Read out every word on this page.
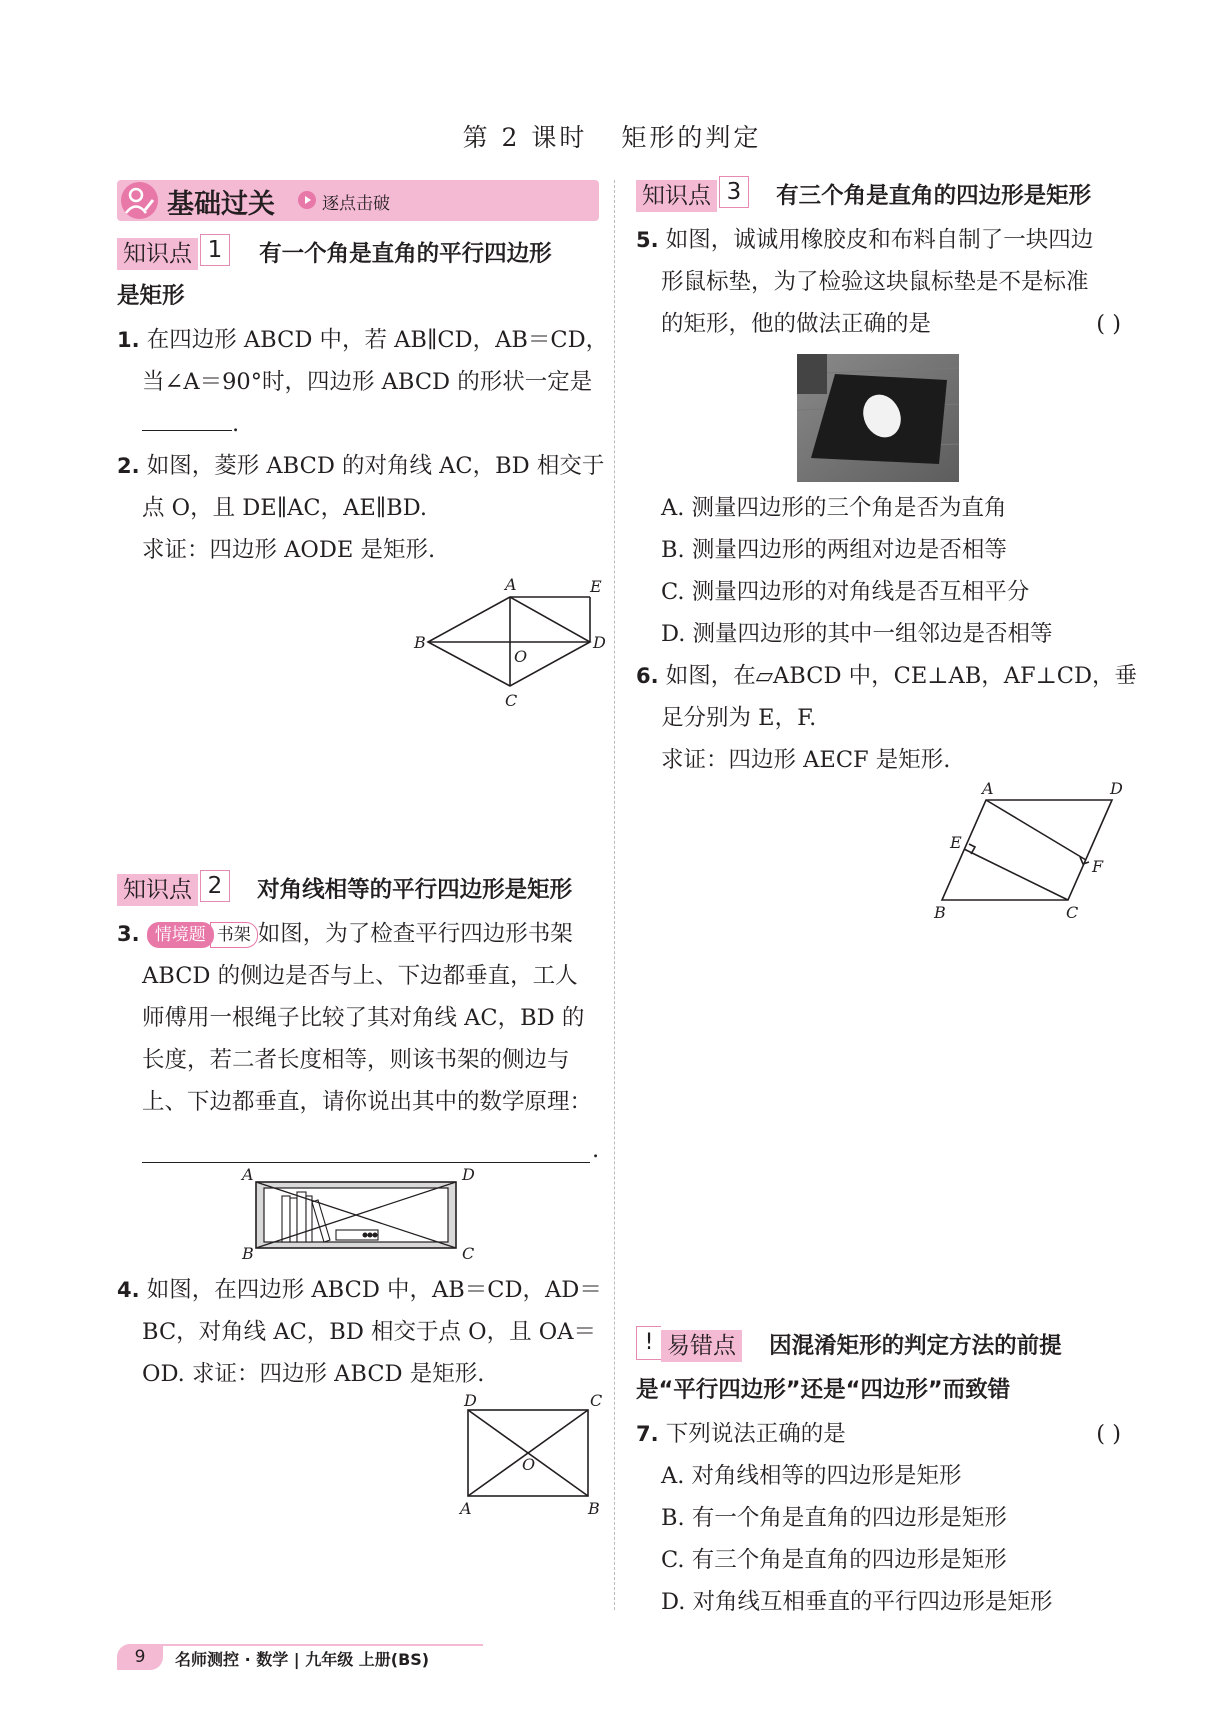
第 2 课时 矩形的判定
基础过关	逐点击破
知识点 1 有一个角是直角的平行四边形
是矩形
1. 在四边形 ABCD 中，若 AB∥CD，AB＝CD，
当∠A＝90°时，四边形 ABCD 的形状一定是
.
2. 如图，菱形 ABCD 的对角线 AC，BD 相交于
点 O，且 DE∥AC，AE∥BD.
求证：四边形 AODE 是矩形.
A	E
B
O
D
C
知识点 2 对角线相等的平行四边形是矩形
3. 情境题 书架 如图，为了检查平行四边形书架
ABCD 的侧边是否与上、下边都垂直，工人
师傅用一根绳子比较了其对角线 AC，BD 的
长度，若二者长度相等，则该书架的侧边与
上、下边都垂直，请你说出其中的数学原理：
.
A	D
B	C
4. 如图，在四边形 ABCD 中，AB＝CD，AD＝
BC，对角线 AC，BD 相交于点 O，且 OA＝
OD. 求证：四边形 ABCD 是矩形.
D	C
O
A	B
知识点 3 有三个角是直角的四边形是矩形
5. 如图，诚诚用橡胶皮和布料自制了一块四边
形鼠标垫，为了检验这块鼠标垫是不是标准
的矩形，他的做法正确的是	( )
A. 测量四边形的三个角是否为直角
B. 测量四边形的两组对边是否相等
C. 测量四边形的对角线是否互相平分
D. 测量四边形的其中一组邻边是否相等
6. 如图，在▱ABCD 中，CE⊥AB，AF⊥CD，垂
足分别为 E，F.
求证：四边形 AECF 是矩形.
A	D
E
F
B	C
! 易错点 因混淆矩形的判定方法的前提
是“平行四边形”还是“四边形”而致错
7. 下列说法正确的是	( )
A. 对角线相等的四边形是矩形
B. 有一个角是直角的四边形是矩形
C. 有三个角是直角的四边形是矩形
D. 对角线互相垂直的平行四边形是矩形
9	名师测控 · 数学 | 九年级 上册(BS)
